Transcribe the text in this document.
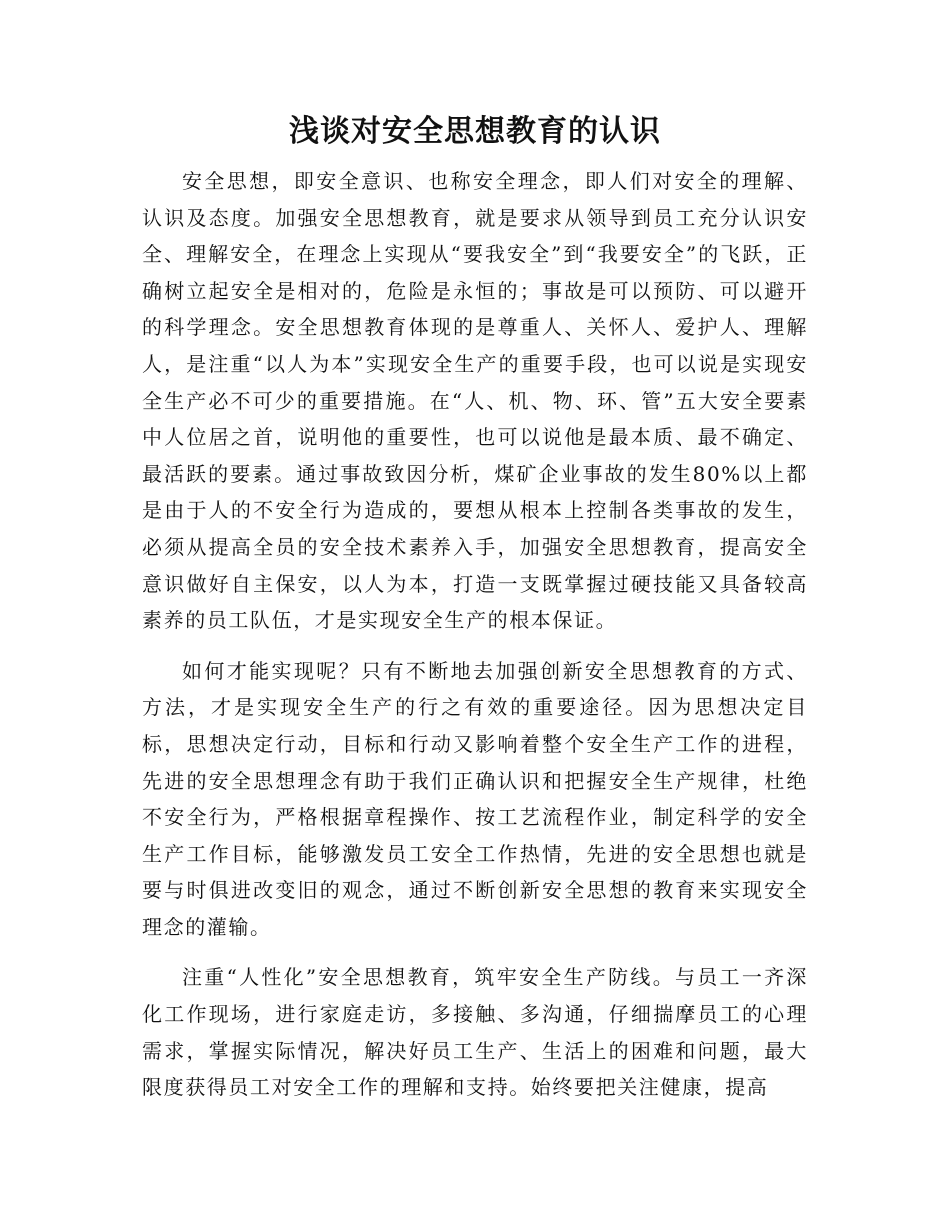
浅谈对安全思想教育的认识

安全思想，即安全意识、也称安全理念，即人们对安全的理解、认识及态度。加强安全思想教育，就是要求从领导到员工充分认识安全、理解安全，在理念上实现从“要我安全”到“我要安全”的飞跃，正确树立起安全是相对的，危险是永恒的；事故是可以预防、可以避开的科学理念。安全思想教育体现的是尊重人、关怀人、爱护人、理解人，是注重“以人为本”实现安全生产的重要手段，也可以说是实现安全生产必不可少的重要措施。在“人、机、物、环、管”五大安全要素中人位居之首，说明他的重要性，也可以说他是最本质、最不确定、最活跃的要素。通过事故致因分析，煤矿企业事故的发生80%以上都是由于人的不安全行为造成的，要想从根本上控制各类事故的发生，必须从提高全员的安全技术素养入手，加强安全思想教育，提高安全意识做好自主保安，以人为本，打造一支既掌握过硬技能又具备较高素养的员工队伍，才是实现安全生产的根本保证。

如何才能实现呢？只有不断地去加强创新安全思想教育的方式、方法，才是实现安全生产的行之有效的重要途径。因为思想决定目标，思想决定行动，目标和行动又影响着整个安全生产工作的进程，先进的安全思想理念有助于我们正确认识和把握安全生产规律，杜绝不安全行为，严格根据章程操作、按工艺流程作业，制定科学的安全生产工作目标，能够激发员工安全工作热情，先进的安全思想也就是要与时俱进改变旧的观念，通过不断创新安全思想的教育来实现安全理念的灌输。

注重“人性化”安全思想教育，筑牢安全生产防线。与员工一齐深化工作现场，进行家庭走访，多接触、多沟通，仔细揣摩员工的心理需求，掌握实际情况，解决好员工生产、生活上的困难和问题，最大限度获得员工对安全工作的理解和支持。始终要把关注健康，提高
